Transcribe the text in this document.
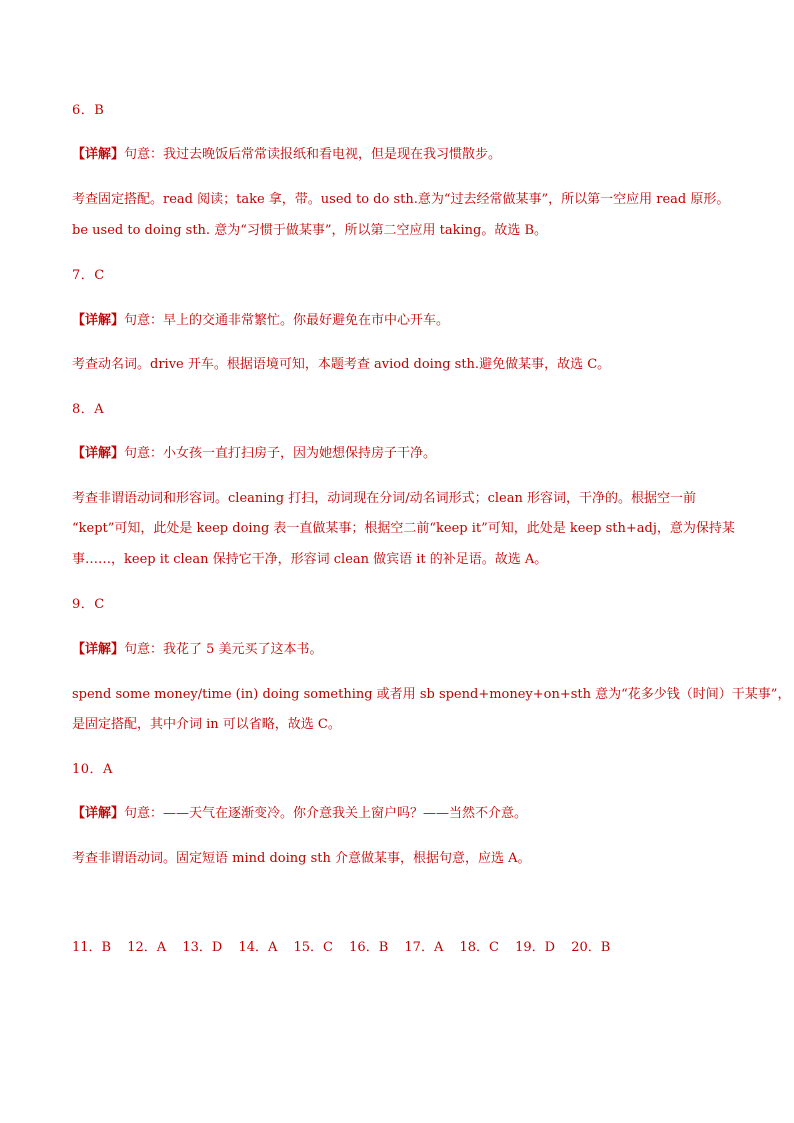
6．B
【详解】句意：我过去晚饭后常常读报纸和看电视，但是现在我习惯散步。
考查固定搭配。read 阅读；take 拿，带。used to do sth.意为“过去经常做某事”，所以第一空应用 read 原形。
be used to doing sth. 意为“习惯于做某事”，所以第二空应用 taking。故选 B。
7．C
【详解】句意：早上的交通非常繁忙。你最好避免在市中心开车。
考查动名词。drive 开车。根据语境可知，本题考查 aviod doing sth.避免做某事，故选 C。
8．A
【详解】句意：小女孩一直打扫房子，因为她想保持房子干净。
考查非谓语动词和形容词。cleaning 打扫，动词现在分词/动名词形式；clean 形容词，干净的。根据空一前
“kept”可知，此处是 keep doing 表一直做某事；根据空二前“keep it”可知，此处是 keep sth+adj，意为保持某
事……，keep it clean 保持它干净，形容词 clean 做宾语 it 的补足语。故选 A。
9．C
【详解】句意：我花了 5 美元买了这本书。
spend some money/time (in) doing something 或者用 sb spend+money+on+sth 意为“花多少钱（时间）干某事”，
是固定搭配，其中介词 in 可以省略，故选 C。
10．A
【详解】句意：——天气在逐渐变冷。你介意我关上窗户吗？——当然不介意。
考查非谓语动词。固定短语 mind doing sth 介意做某事，根据句意，应选 A。
11．B 12．A 13．D 14．A 15．C 16．B 17．A 18．C 19．D 20．B
